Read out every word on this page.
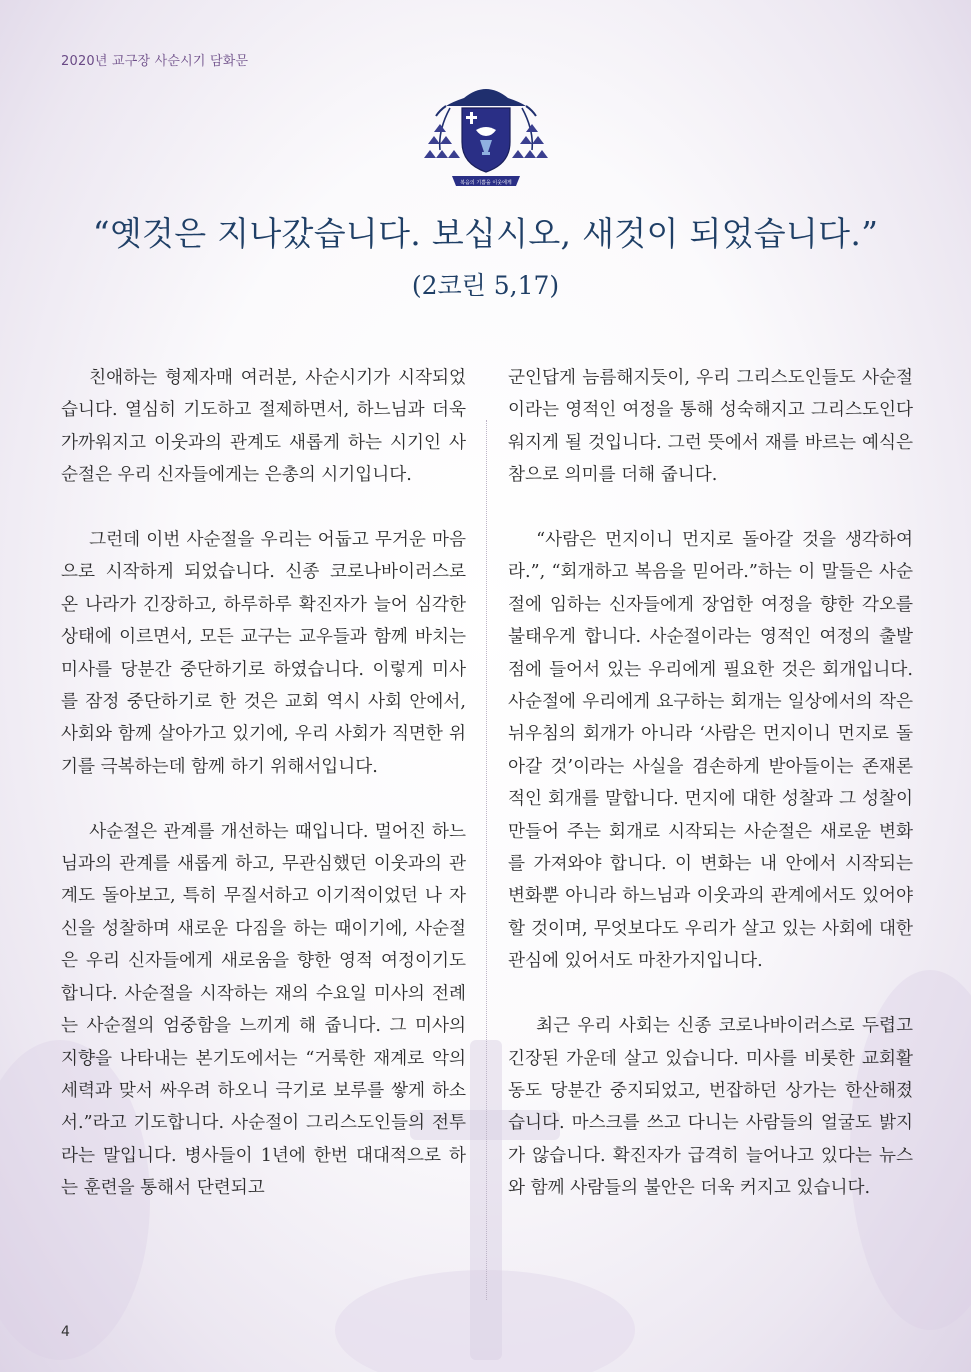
2020년 교구장 사순시기 담화문
복음의 기쁨을 이웃에게
“옛것은 지나갔습니다. 보십시오, 새것이 되었습니다.”
(2코린 5,17)

친애하는 형제자매 여러분, 사순시기가 시작되었습니다. 열심히 기도하고 절제하면서, 하느님과 더욱 가까워지고 이웃과의 관계도 새롭게 하는 시기인 사순절은 우리 신자들에게는 은총의 시기입니다.

그런데 이번 사순절을 우리는 어둡고 무거운 마음으로 시작하게 되었습니다. 신종 코로나바이러스로 온 나라가 긴장하고, 하루하루 확진자가 늘어 심각한 상태에 이르면서, 모든 교구는 교우들과 함께 바치는 미사를 당분간 중단하기로 하였습니다. 이렇게 미사를 잠정 중단하기로 한 것은 교회 역시 사회 안에서, 사회와 함께 살아가고 있기에, 우리 사회가 직면한 위기를 극복하는데 함께 하기 위해서입니다.

사순절은 관계를 개선하는 때입니다. 멀어진 하느님과의 관계를 새롭게 하고, 무관심했던 이웃과의 관계도 돌아보고, 특히 무질서하고 이기적이었던 나 자신을 성찰하며 새로운 다짐을 하는 때이기에, 사순절은 우리 신자들에게 새로움을 향한 영적 여정이기도 합니다. 사순절을 시작하는 재의 수요일 미사의 전례는 사순절의 엄중함을 느끼게 해 줍니다. 그 미사의 지향을 나타내는 본기도에서는 “거룩한 재계로 악의 세력과 맞서 싸우려 하오니 극기로 보루를 쌓게 하소서.”라고 기도합니다. 사순절이 그리스도인들의 전투라는 말입니다. 병사들이 1년에 한번 대대적으로 하는 훈련을 통해서 단련되고

군인답게 늠름해지듯이, 우리 그리스도인들도 사순절이라는 영적인 여정을 통해 성숙해지고 그리스도인다워지게 될 것입니다. 그런 뜻에서 재를 바르는 예식은 참으로 의미를 더해 줍니다.

“사람은 먼지이니 먼지로 돌아갈 것을 생각하여라.”, “회개하고 복음을 믿어라.”하는 이 말들은 사순절에 임하는 신자들에게 장엄한 여정을 향한 각오를 불태우게 합니다. 사순절이라는 영적인 여정의 출발점에 들어서 있는 우리에게 필요한 것은 회개입니다. 사순절에 우리에게 요구하는 회개는 일상에서의 작은 뉘우침의 회개가 아니라 ‘사람은 먼지이니 먼지로 돌아갈 것’이라는 사실을 겸손하게 받아들이는 존재론적인 회개를 말합니다. 먼지에 대한 성찰과 그 성찰이 만들어 주는 회개로 시작되는 사순절은 새로운 변화를 가져와야 합니다. 이 변화는 내 안에서 시작되는 변화뿐 아니라 하느님과 이웃과의 관계에서도 있어야 할 것이며, 무엇보다도 우리가 살고 있는 사회에 대한 관심에 있어서도 마찬가지입니다.

최근 우리 사회는 신종 코로나바이러스로 두렵고 긴장된 가운데 살고 있습니다. 미사를 비롯한 교회활동도 당분간 중지되었고, 번잡하던 상가는 한산해졌습니다. 마스크를 쓰고 다니는 사람들의 얼굴도 밝지가 않습니다. 확진자가 급격히 늘어나고 있다는 뉴스와 함께 사람들의 불안은 더욱 커지고 있습니다.

4
